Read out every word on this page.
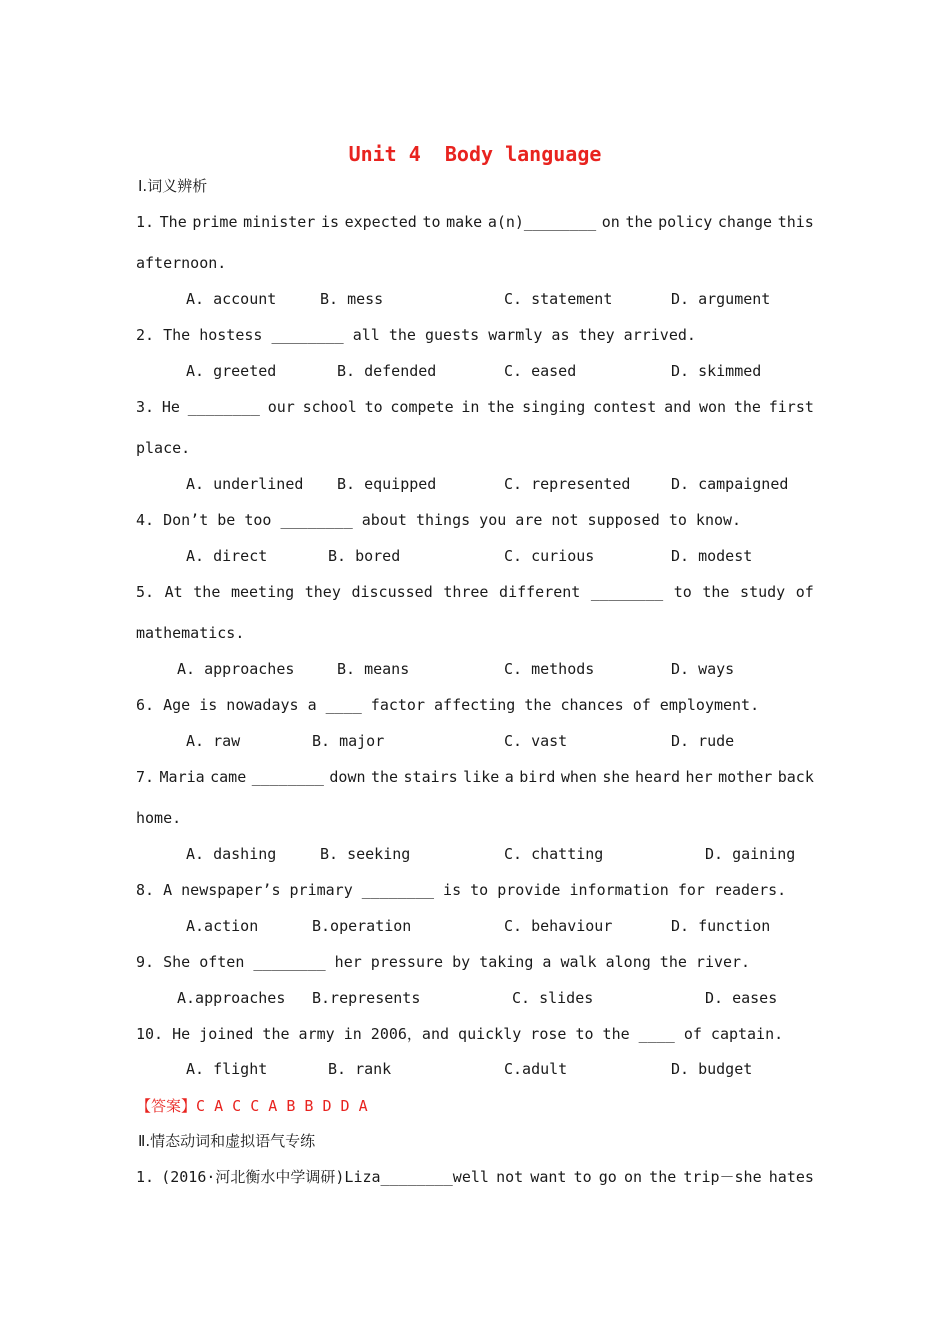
Unit 4  Body language
Ⅰ.词义辨析
1. The prime minister is expected to make a(n)________ on the policy change this
afternoon.
A. account	B. mess	C. statement	D. argument
2. The hostess ________ all the guests warmly as they arrived.
A. greeted	B. defended	C. eased	D. skimmed
3. He ________ our school to compete in the singing contest and won the first
place.
A. underlined B. equipped	C. represented	D. campaigned
4. Don’t be too ________ about things you are not supposed to know.
A. direct	B. bored	C. curious	D. modest
5. At the meeting they discussed three different ________ to the study of
mathematics.
A. approaches	B. means	C. methods	D. ways
6. Age is nowadays a ____ factor affecting the chances of employment.
A. raw	B. major	C. vast	D. rude
7. Maria came ________ down the stairs like a bird when she heard her mother back
home.
A. dashing	B. seeking	C. chatting	D. gaining
8. A newspaper’s primary ________ is to provide information for readers.
A.action	B.operation	C. behaviour	D. function
9. She often ________ her pressure by taking a walk along the river.
A.approaches B.represents	C. slides	D. eases
10. He joined the army in 2006，and quickly rose to the ____ of captain.
A. flight	B. rank	C.adult	D. budget
【答案】C A C C A B B D D A
Ⅱ.情态动词和虚拟语气专练
1. (2016·河北衡水中学调研)Liza________well not want to go on the trip－she hates
